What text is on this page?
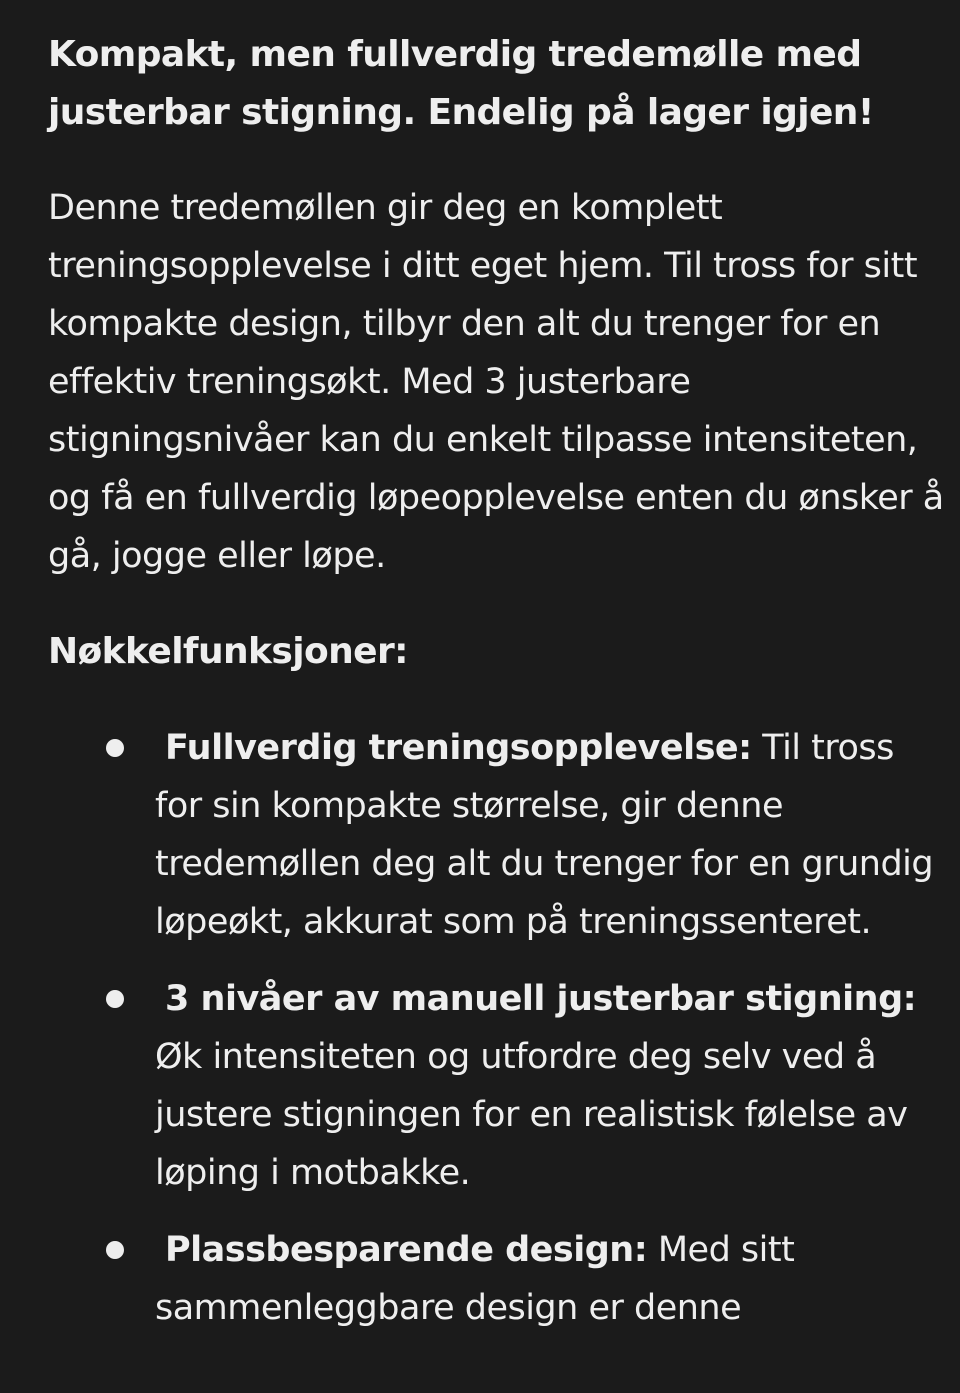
Kompakt, men fullverdig tredemølle med justerbar stigning. Endelig på lager igjen!

Denne tredemøllen gir deg en komplett treningsopplevelse i ditt eget hjem. Til tross for sitt kompakte design, tilbyr den alt du trenger for en effektiv treningsøkt. Med 3 justerbare stigningsnivåer kan du enkelt tilpasse intensiteten, og få en fullverdig løpeopplevelse enten du ønsker å gå, jogge eller løpe.

Nøkkelfunksjoner:

Fullverdig treningsopplevelse: Til tross for sin kompakte størrelse, gir denne tredemøllen deg alt du trenger for en grundig løpeøkt, akkurat som på treningssenteret.
3 nivåer av manuell justerbar stigning: Øk intensiteten og utfordre deg selv ved å justere stigningen for en realistisk følelse av løping i motbakke.
Plassbesparende design: Med sitt sammenleggbare design er denne
